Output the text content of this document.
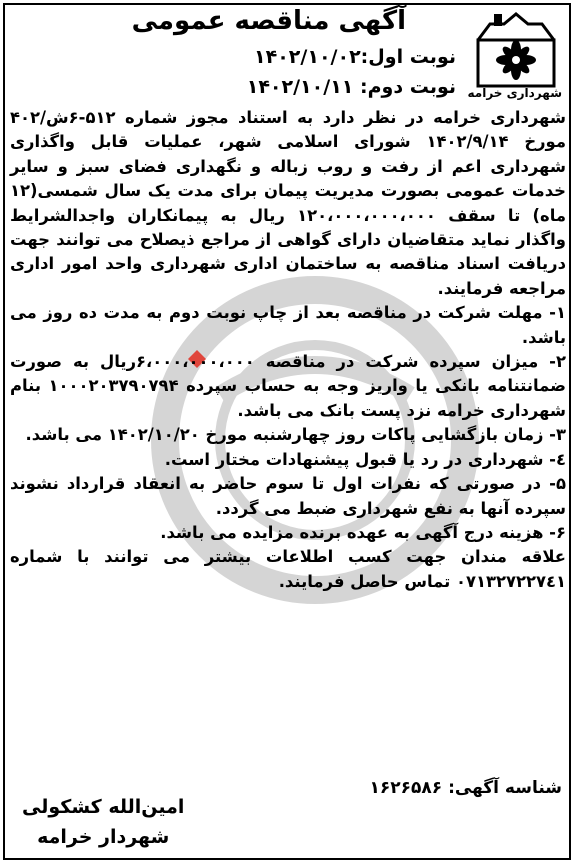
شهرداری خرامه
آگهی مناقصه عمومی
نوبت اول:۱۴۰۲/۱۰/۰۲
نوبت دوم: ۱۴۰۲/۱۰/۱۱

شهرداری خرامه در نظر دارد به استناد مجوز شماره ۵۱۲-۶ش/۴۰۲ مورخ ۱۴۰۲/۹/۱۴ شورای اسلامی شهر، عملیات قابل واگذاری شهرداری اعم از رفت و روب زباله و نگهداری فضای سبز و سایر خدمات عمومی بصورت مدیریت پیمان برای مدت یک سال شمسی(۱۲ ماه) تا سقف ۱۲۰،۰۰۰،۰۰۰،۰۰۰ ریال به پیمانکاران واجدالشرایط واگذار نماید متقاضیان دارای گواهی از مراجع ذیصلاح می توانند جهت دریافت اسناد مناقصه به ساختمان اداری شهرداری واحد امور اداری مراجعه فرمایند.

۱- مهلت شرکت در مناقصه بعد از چاپ نوبت دوم به مدت ده روز می باشد.

۲- میزان سپرده شرکت در مناقصه ۶،۰۰۰،۰۰۰،۰۰۰ریال به صورت ضمانتنامه بانکی یا واریز وجه به حساب سپرده ۱۰۰۰۲۰۳۷۹۰۷۹۴ بنام شهرداری خرامه نزد پست بانک می باشد.

۳- زمان بازگشایی پاکات روز چهارشنبه مورخ ۱۴۰۲/۱۰/۲۰ می باشد.

٤- شهرداری در رد یا قبول پیشنهادات مختار است.

۵- در صورتی که نفرات اول تا سوم حاضر به انعقاد قرارداد نشوند سپرده آنها به نفع شهرداری ضبط می گردد.

۶- هزینه درج آگهی به عهده برنده مزایده می باشد.

علاقه مندان جهت کسب اطلاعات بیشتر می توانند با شماره ۰۷۱۳۲۷۲۲۷٤۱ تماس حاصل فرمایند.

شناسه آگهی: ۱۶۲۶۵۸۶
امین‌الله کشکولی
شهردار خرامه
